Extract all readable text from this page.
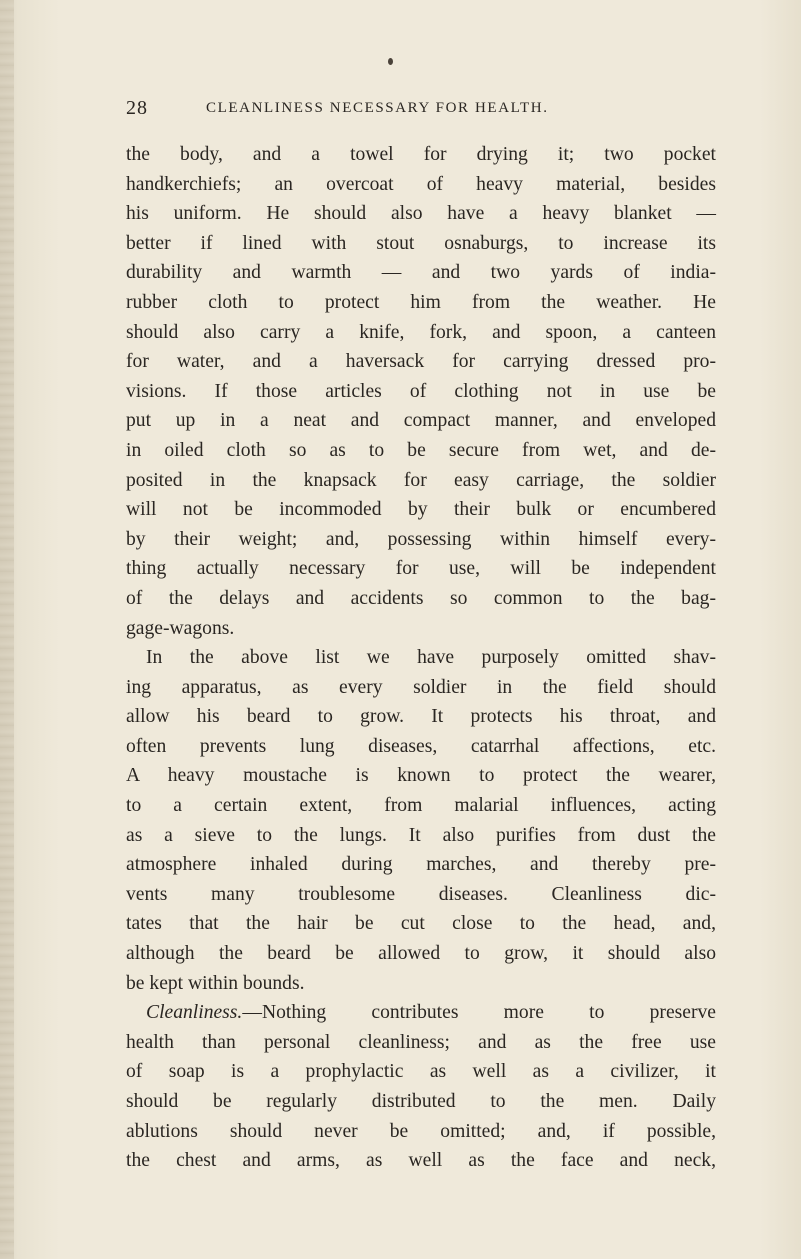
28	CLEANLINESS NECESSARY FOR HEALTH.
the body, and a towel for drying it; two pocket
handkerchiefs; an overcoat of heavy material, besides
his uniform. He should also have a heavy blanket —
better if lined with stout osnaburgs, to increase its
durability and warmth — and two yards of india-
rubber cloth to protect him from the weather. He
should also carry a knife, fork, and spoon, a canteen
for water, and a haversack for carrying dressed pro-
visions. If those articles of clothing not in use be
put up in a neat and compact manner, and enveloped
in oiled cloth so as to be secure from wet, and de-
posited in the knapsack for easy carriage, the soldier
will not be incommoded by their bulk or encumbered
by their weight; and, possessing within himself every-
thing actually necessary for use, will be independent
of the delays and accidents so common to the bag-
gage-wagons.
In the above list we have purposely omitted shav-
ing apparatus, as every soldier in the field should
allow his beard to grow. It protects his throat, and
often prevents lung diseases, catarrhal affections, etc.
A heavy moustache is known to protect the wearer,
to a certain extent, from malarial influences, acting
as a sieve to the lungs. It also purifies from dust the
atmosphere inhaled during marches, and thereby pre-
vents many troublesome diseases. Cleanliness dic-
tates that the hair be cut close to the head, and,
although the beard be allowed to grow, it should also
be kept within bounds.
Cleanliness.—Nothing contributes more to preserve
health than personal cleanliness; and as the free use
of soap is a prophylactic as well as a civilizer, it
should be regularly distributed to the men. Daily
ablutions should never be omitted; and, if possible,
the chest and arms, as well as the face and neck,
